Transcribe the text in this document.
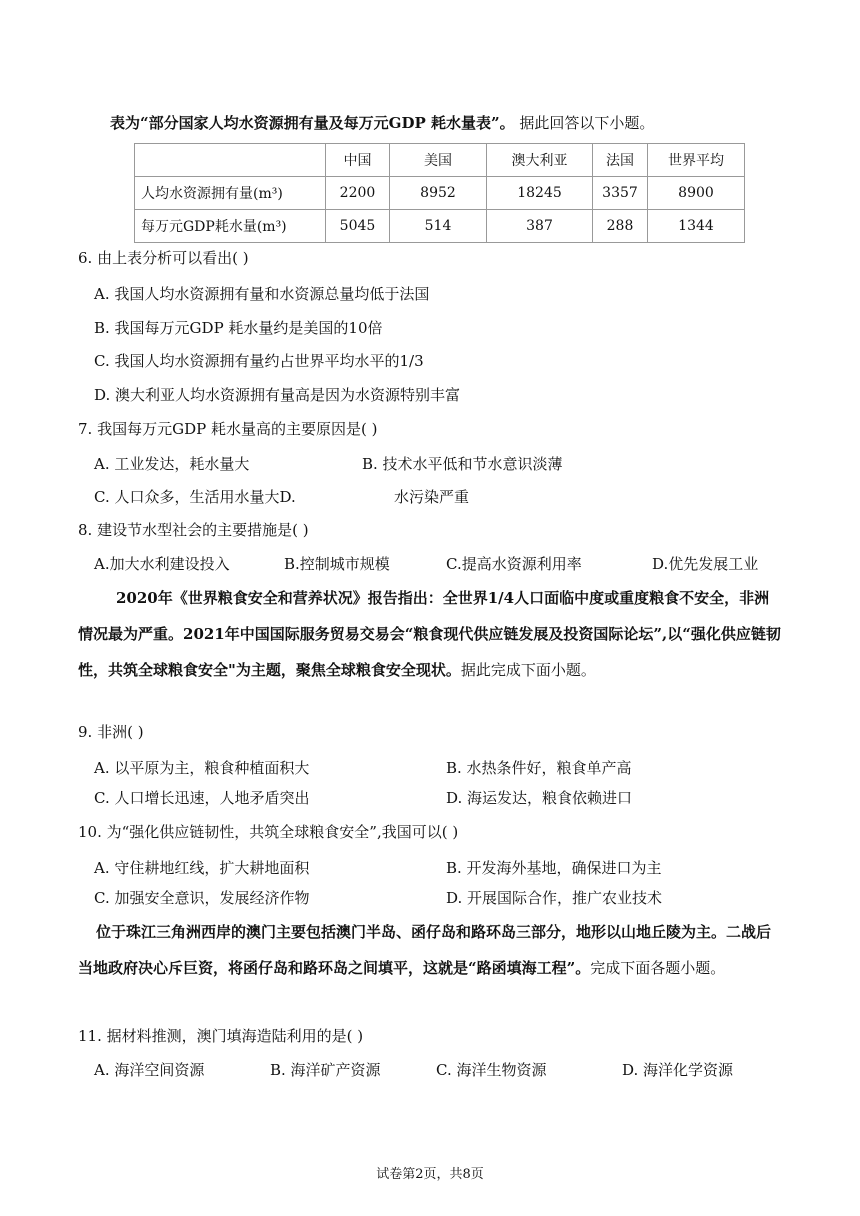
表为“部分国家人均水资源拥有量及每万元GDP 耗水量表”。 据此回答以下小题。
	中国	美国	澳大利亚	法国	世界平均
人均水资源拥有量(m³)	2200	8952	18245	3357	8900
每万元GDP耗水量(m³)	5045	514	387	288	1344
6. 由上表分析可以看出( )
A. 我国人均水资源拥有量和水资源总量均低于法国
B. 我国每万元GDP 耗水量约是美国的10倍
C. 我国人均水资源拥有量约占世界平均水平的1/3
D. 澳大利亚人均水资源拥有量高是因为水资源特别丰富
7. 我国每万元GDP 耗水量高的主要原因是( )
A. 工业发达，耗水量大	B. 技术水平低和节水意识淡薄
C. 人口众多，生活用水量大D.	水污染严重
8. 建设节水型社会的主要措施是( )
A.加大水利建设投入	B.控制城市规模	C.提高水资源利用率	D.优先发展工业
2020年《世界粮食安全和营养状况》报告指出：全世界1/4人口面临中度或重度粮食不安全，非洲情况最为严重。2021年中国国际服务贸易交易会“粮食现代供应链发展及投资国际论坛”,以“强化供应链韧性，共筑全球粮食安全"为主题，聚焦全球粮食安全现状。据此完成下面小题。
9. 非洲( )
A. 以平原为主，粮食种植面积大	B. 水热条件好，粮食单产高
C. 人口增长迅速，人地矛盾突出	D. 海运发达，粮食依赖进口
10. 为“强化供应链韧性，共筑全球粮食安全”,我国可以( )
A. 守住耕地红线，扩大耕地面积	B. 开发海外基地，确保进口为主
C. 加强安全意识，发展经济作物	D. 开展国际合作，推广农业技术
位于珠江三角洲西岸的澳门主要包括澳门半岛、函仔岛和路环岛三部分，地形以山地丘陵为主。二战后当地政府决心斥巨资，将函仔岛和路环岛之间填平，这就是“路函填海工程”。完成下面各题小题。
11. 据材料推测，澳门填海造陆利用的是( )
A. 海洋空间资源	B. 海洋矿产资源	C. 海洋生物资源	D. 海洋化学资源
试卷第2页，共8页
